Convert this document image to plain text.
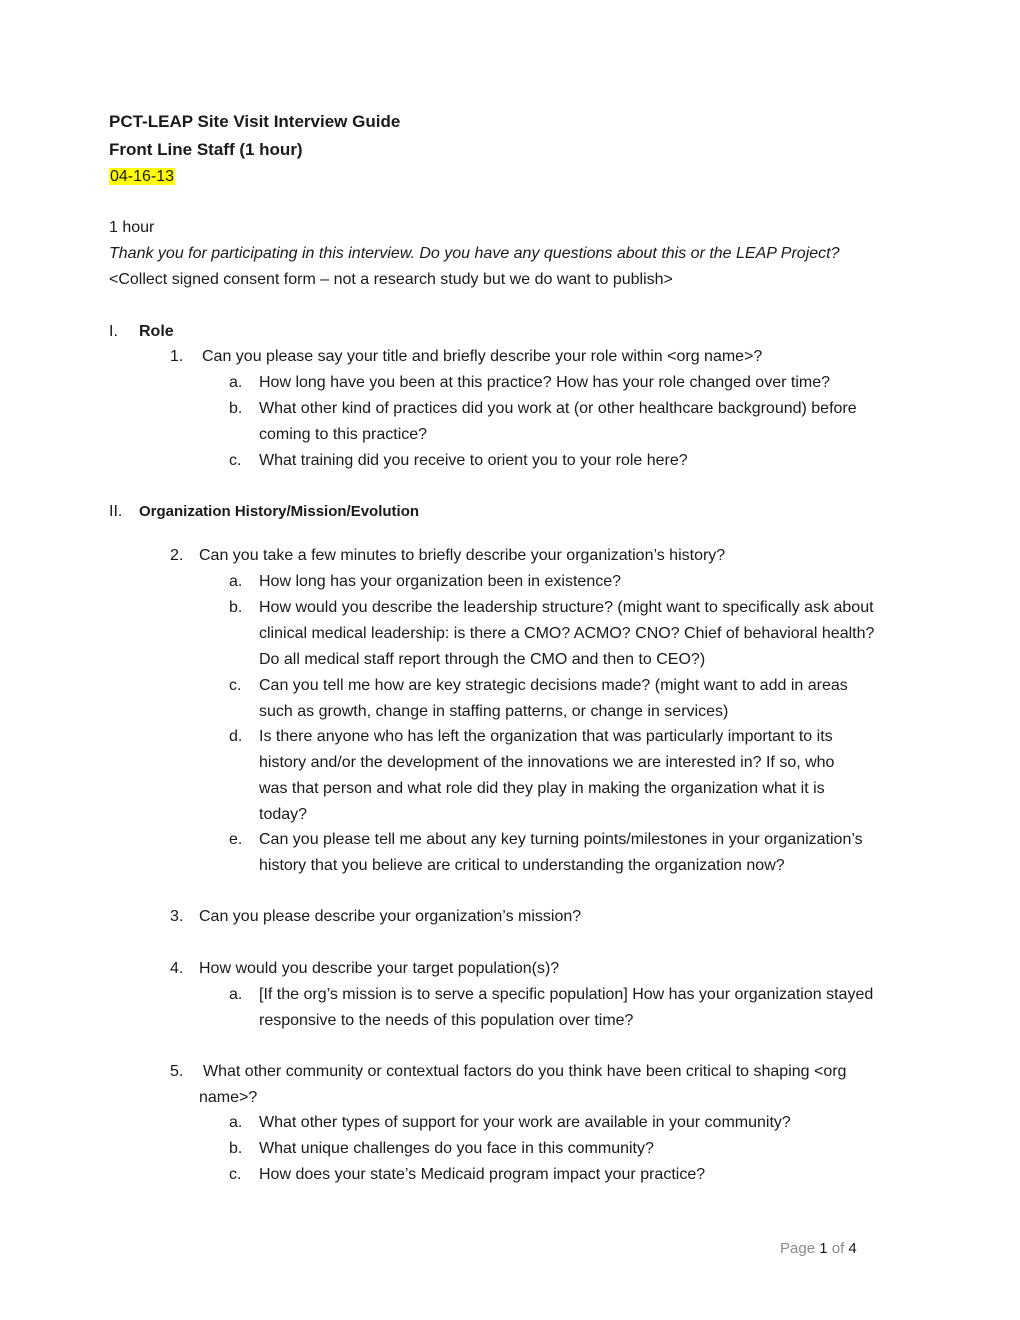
PCT-LEAP Site Visit Interview Guide
Front Line Staff (1 hour)
04-16-13
1 hour
Thank you for participating in this interview. Do you have any questions about this or the LEAP Project?
<Collect signed consent form – not a research study but we do want to publish>
I. Role
1. Can you please say your title and briefly describe your role within <org name>?
a. How long have you been at this practice? How has your role changed over time?
b. What other kind of practices did you work at (or other healthcare background) before
coming to this practice?
c. What training did you receive to orient you to your role here?
II. Organization History/Mission/Evolution
2. Can you take a few minutes to briefly describe your organization’s history?
a. How long has your organization been in existence?
b. How would you describe the leadership structure? (might want to specifically ask about
clinical medical leadership: is there a CMO? ACMO? CNO? Chief of behavioral health?
Do all medical staff report through the CMO and then to CEO?)
c. Can you tell me how are key strategic decisions made? (might want to add in areas
such as growth, change in staffing patterns, or change in services)
d. Is there anyone who has left the organization that was particularly important to its
history and/or the development of the innovations we are interested in? If so, who
was that person and what role did they play in making the organization what it is
today?
e. Can you please tell me about any key turning points/milestones in your organization’s
history that you believe are critical to understanding the organization now?
3. Can you please describe your organization’s mission?
4. How would you describe your target population(s)?
a. [If the org’s mission is to serve a specific population] How has your organization stayed
responsive to the needs of this population over time?
5. What other community or contextual factors do you think have been critical to shaping <org
name>?
a. What other types of support for your work are available in your community?
b. What unique challenges do you face in this community?
c. How does your state’s Medicaid program impact your practice?
Page 1 of 4
